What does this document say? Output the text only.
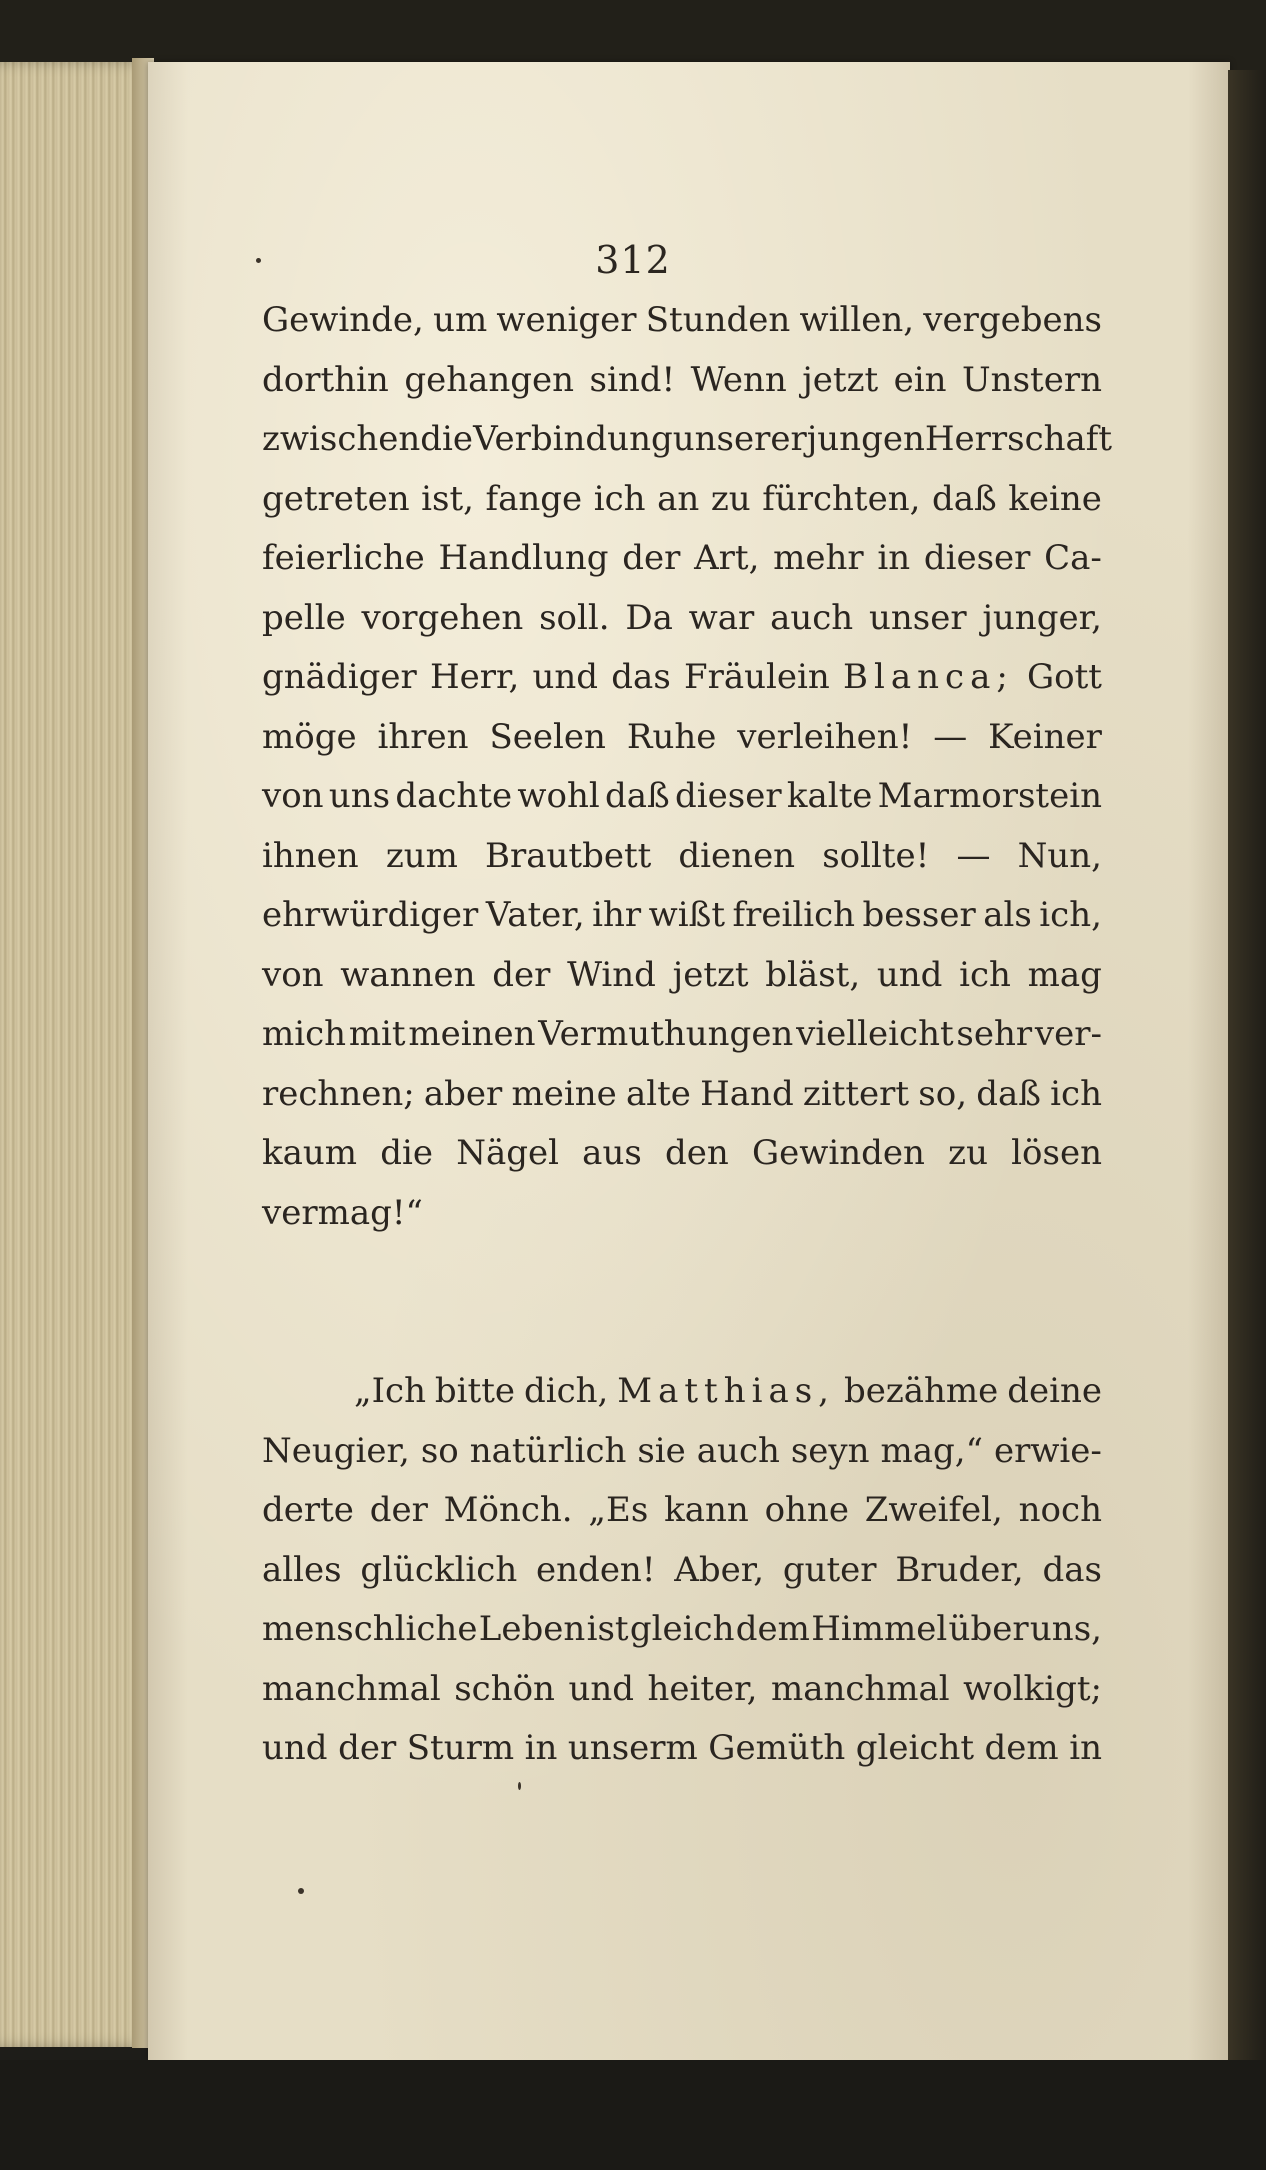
312
Gewinde, um weniger Stunden willen, vergebens
dorthin gehangen sind! Wenn jetzt ein Unstern
zwischen die Verbindung unserer jungen Herrschaft
getreten ist, fange ich an zu fürchten, daß keine
feierliche Handlung der Art, mehr in dieser Ca-
pelle vorgehen soll. Da war auch unser junger,
gnädiger Herr, und das Fräulein Blanca; Gott
möge ihren Seelen Ruhe verleihen! — Keiner
von uns dachte wohl daß dieser kalte Marmorstein
ihnen zum Brautbett dienen sollte! — Nun,
ehrwürdiger Vater, ihr wißt freilich besser als ich,
von wannen der Wind jetzt bläst, und ich mag
mich mit meinen Vermuthungen vielleicht sehr ver-
rechnen; aber meine alte Hand zittert so, daß ich
kaum die Nägel aus den Gewinden zu lösen
vermag!“
„Ich bitte dich, Matthias, bezähme deine
Neugier, so natürlich sie auch seyn mag,“ erwie-
derte der Mönch. „Es kann ohne Zweifel, noch
alles glücklich enden! Aber, guter Bruder, das
menschliche Leben ist gleich dem Himmel über uns,
manchmal schön und heiter, manchmal wolkigt;
und der Sturm in unserm Gemüth gleicht dem in
